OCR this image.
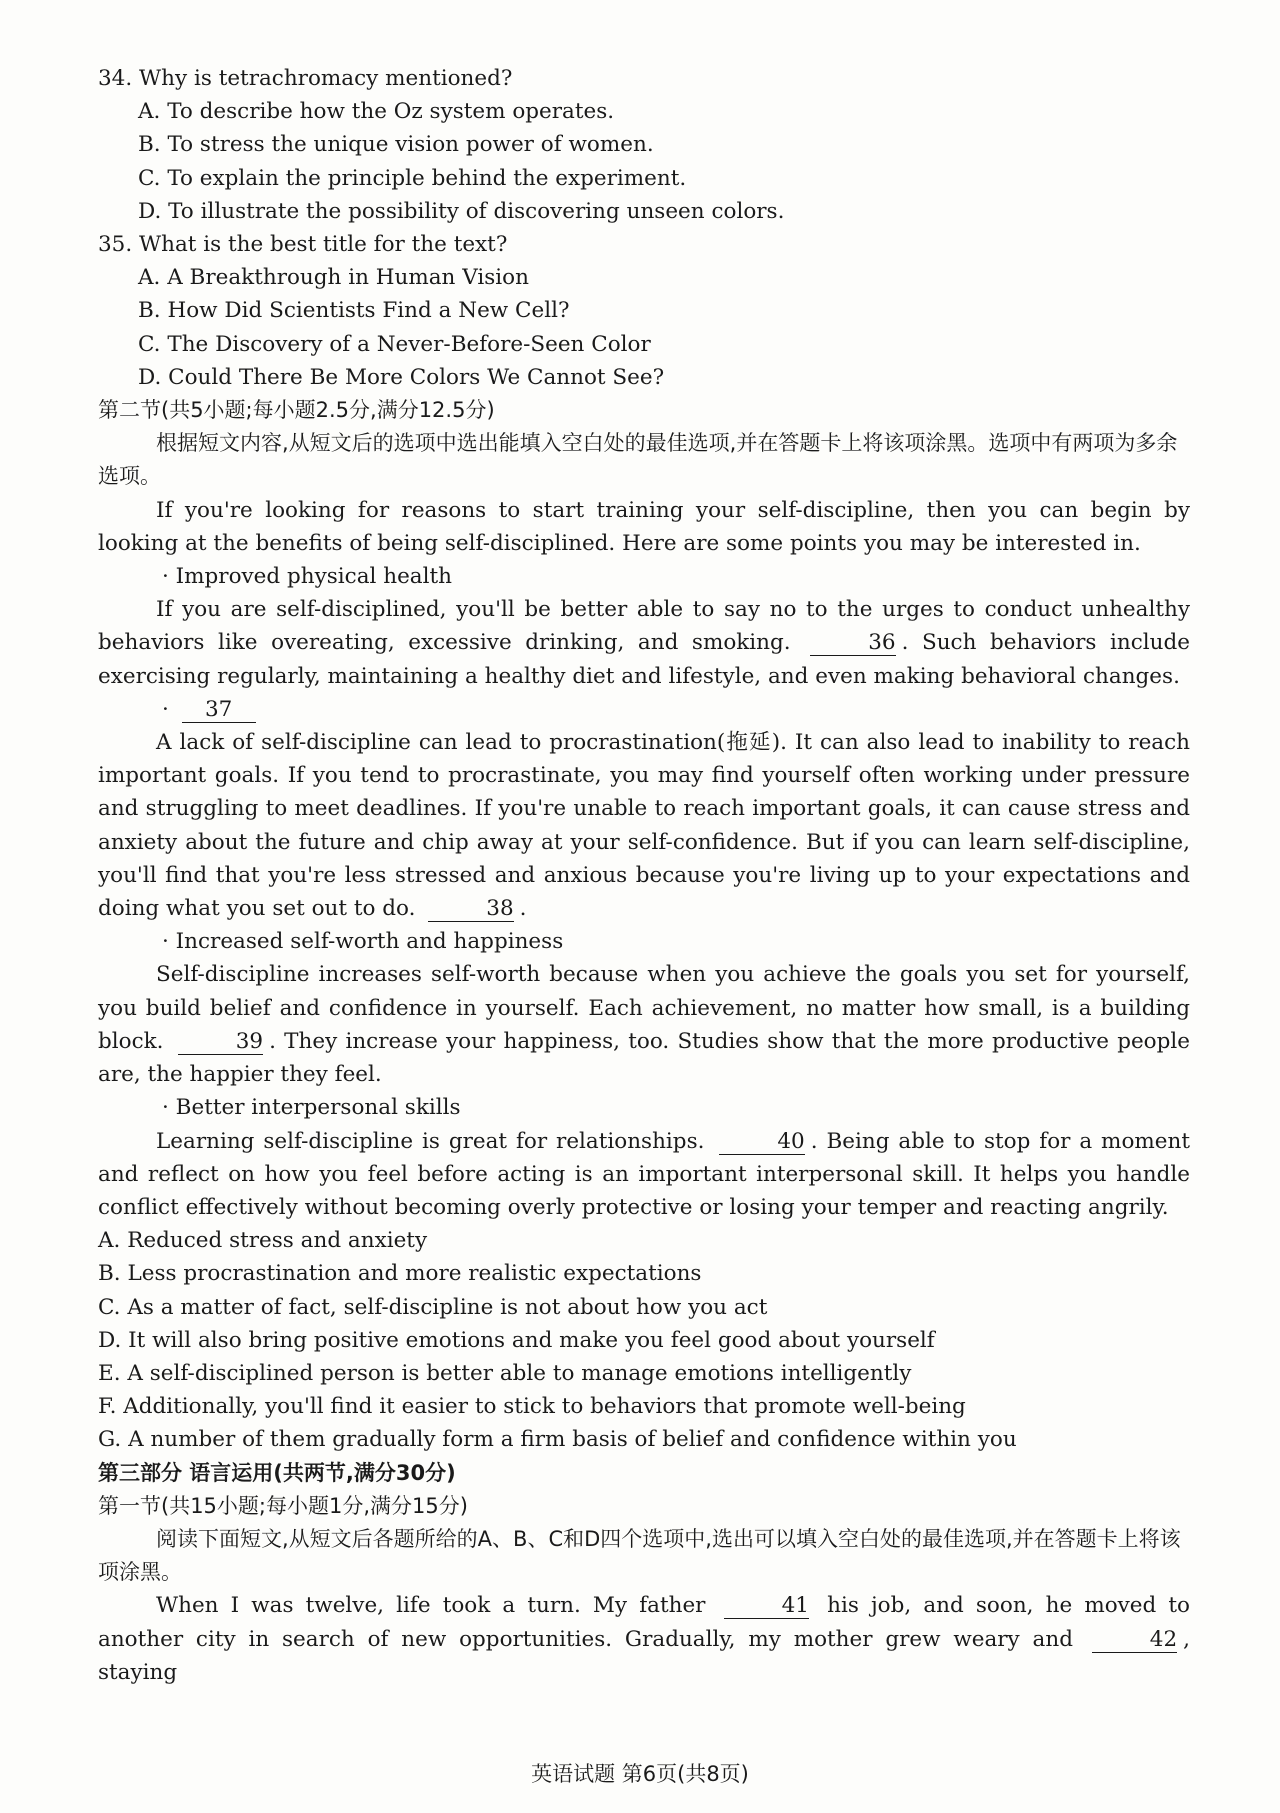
34. Why is tetrachromacy mentioned?
A. To describe how the Oz system operates.
B. To stress the unique vision power of women.
C. To explain the principle behind the experiment.
D. To illustrate the possibility of discovering unseen colors.
35. What is the best title for the text?
A. A Breakthrough in Human Vision
B. How Did Scientists Find a New Cell?
C. The Discovery of a Never-Before-Seen Color
D. Could There Be More Colors We Cannot See?
第二节(共5小题;每小题2.5分,满分12.5分)
根据短文内容,从短文后的选项中选出能填入空白处的最佳选项,并在答题卡上将该项涂黑。选项中有两项为多余选项。
If you're looking for reasons to start training your self-discipline, then you can begin by looking at the benefits of being self-disciplined. Here are some points you may be interested in.
· Improved physical health
If you are self-disciplined, you'll be better able to say no to the urges to conduct unhealthy behaviors like overeating, excessive drinking, and smoking.	36 . Such behaviors include exercising regularly, maintaining a healthy diet and lifestyle, and even making behavioral changes.
· 37
A lack of self-discipline can lead to procrastination(拖延). It can also lead to inability to reach important goals. If you tend to procrastinate, you may find yourself often working under pressure and struggling to meet deadlines. If you're unable to reach important goals, it can cause stress and anxiety about the future and chip away at your self-confidence. But if you can learn self-discipline, you'll find that you're less stressed and anxious because you're living up to your expectations and doing what you set out to do.	38 .
· Increased self-worth and happiness
Self-discipline increases self-worth because when you achieve the goals you set for yourself, you build belief and confidence in yourself. Each achievement, no matter how small, is a building block.	39 . They increase your happiness, too. Studies show that the more productive people are, the happier they feel.
· Better interpersonal skills
Learning self-discipline is great for relationships.	40 . Being able to stop for a moment and reflect on how you feel before acting is an important interpersonal skill. It helps you handle conflict effectively without becoming overly protective or losing your temper and reacting angrily.
A. Reduced stress and anxiety
B. Less procrastination and more realistic expectations
C. As a matter of fact, self-discipline is not about how you act
D. It will also bring positive emotions and make you feel good about yourself
E. A self-disciplined person is better able to manage emotions intelligently
F. Additionally, you'll find it easier to stick to behaviors that promote well-being
G. A number of them gradually form a firm basis of belief and confidence within you
第三部分 语言运用(共两节,满分30分)
第一节(共15小题;每小题1分,满分15分)
阅读下面短文,从短文后各题所给的A、B、C和D四个选项中,选出可以填入空白处的最佳选项,并在答题卡上将该项涂黑。
When I was twelve, life took a turn. My father	41 his job, and soon, he moved to another city in search of new opportunities. Gradually, my mother grew weary and	42 , staying
英语试题 第6页(共8页)
